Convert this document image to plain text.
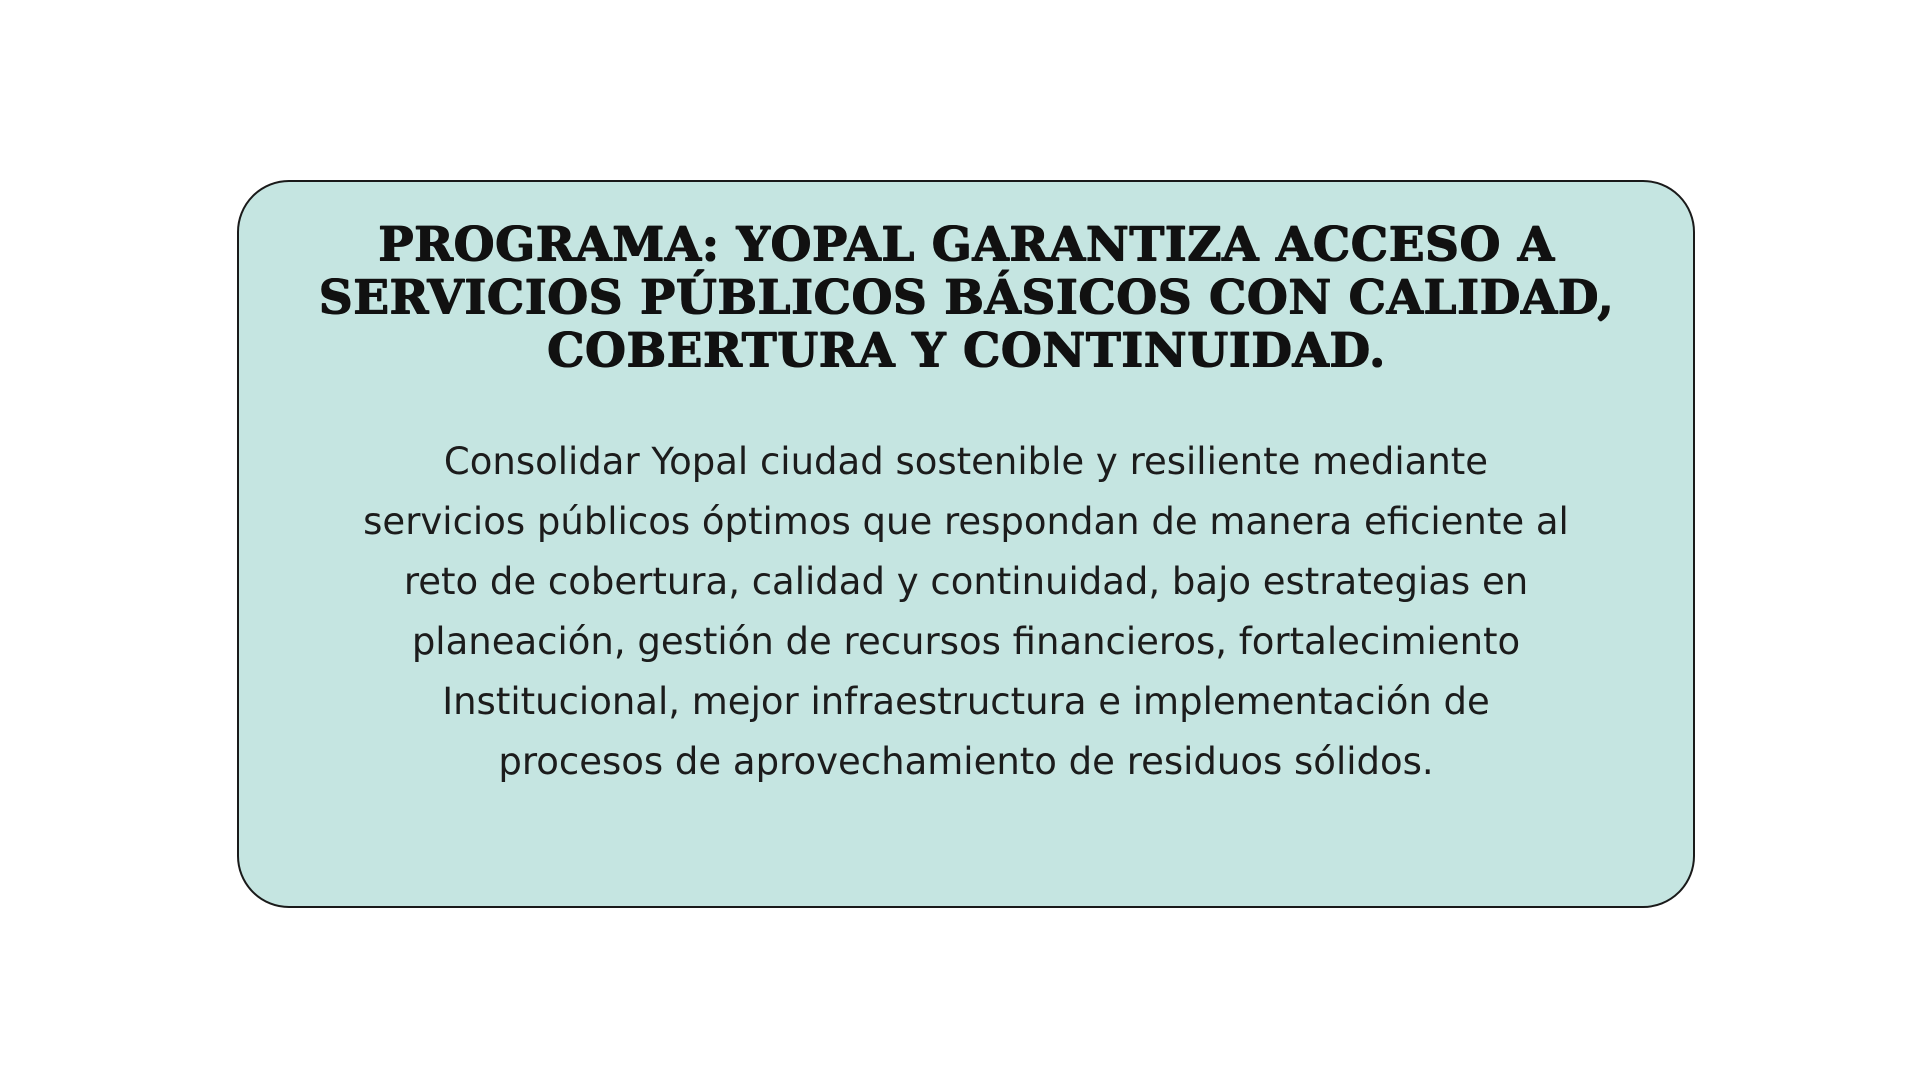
PROGRAMA: YOPAL GARANTIZA ACCESO A
SERVICIOS PÚBLICOS BÁSICOS CON CALIDAD,
COBERTURA Y CONTINUIDAD.

Consolidar Yopal ciudad sostenible y resiliente mediante
servicios públicos óptimos que respondan de manera eficiente al
reto de cobertura, calidad y continuidad, bajo estrategias en
planeación, gestión de recursos financieros, fortalecimiento
Institucional, mejor infraestructura e implementación de
procesos de aprovechamiento de residuos sólidos.
